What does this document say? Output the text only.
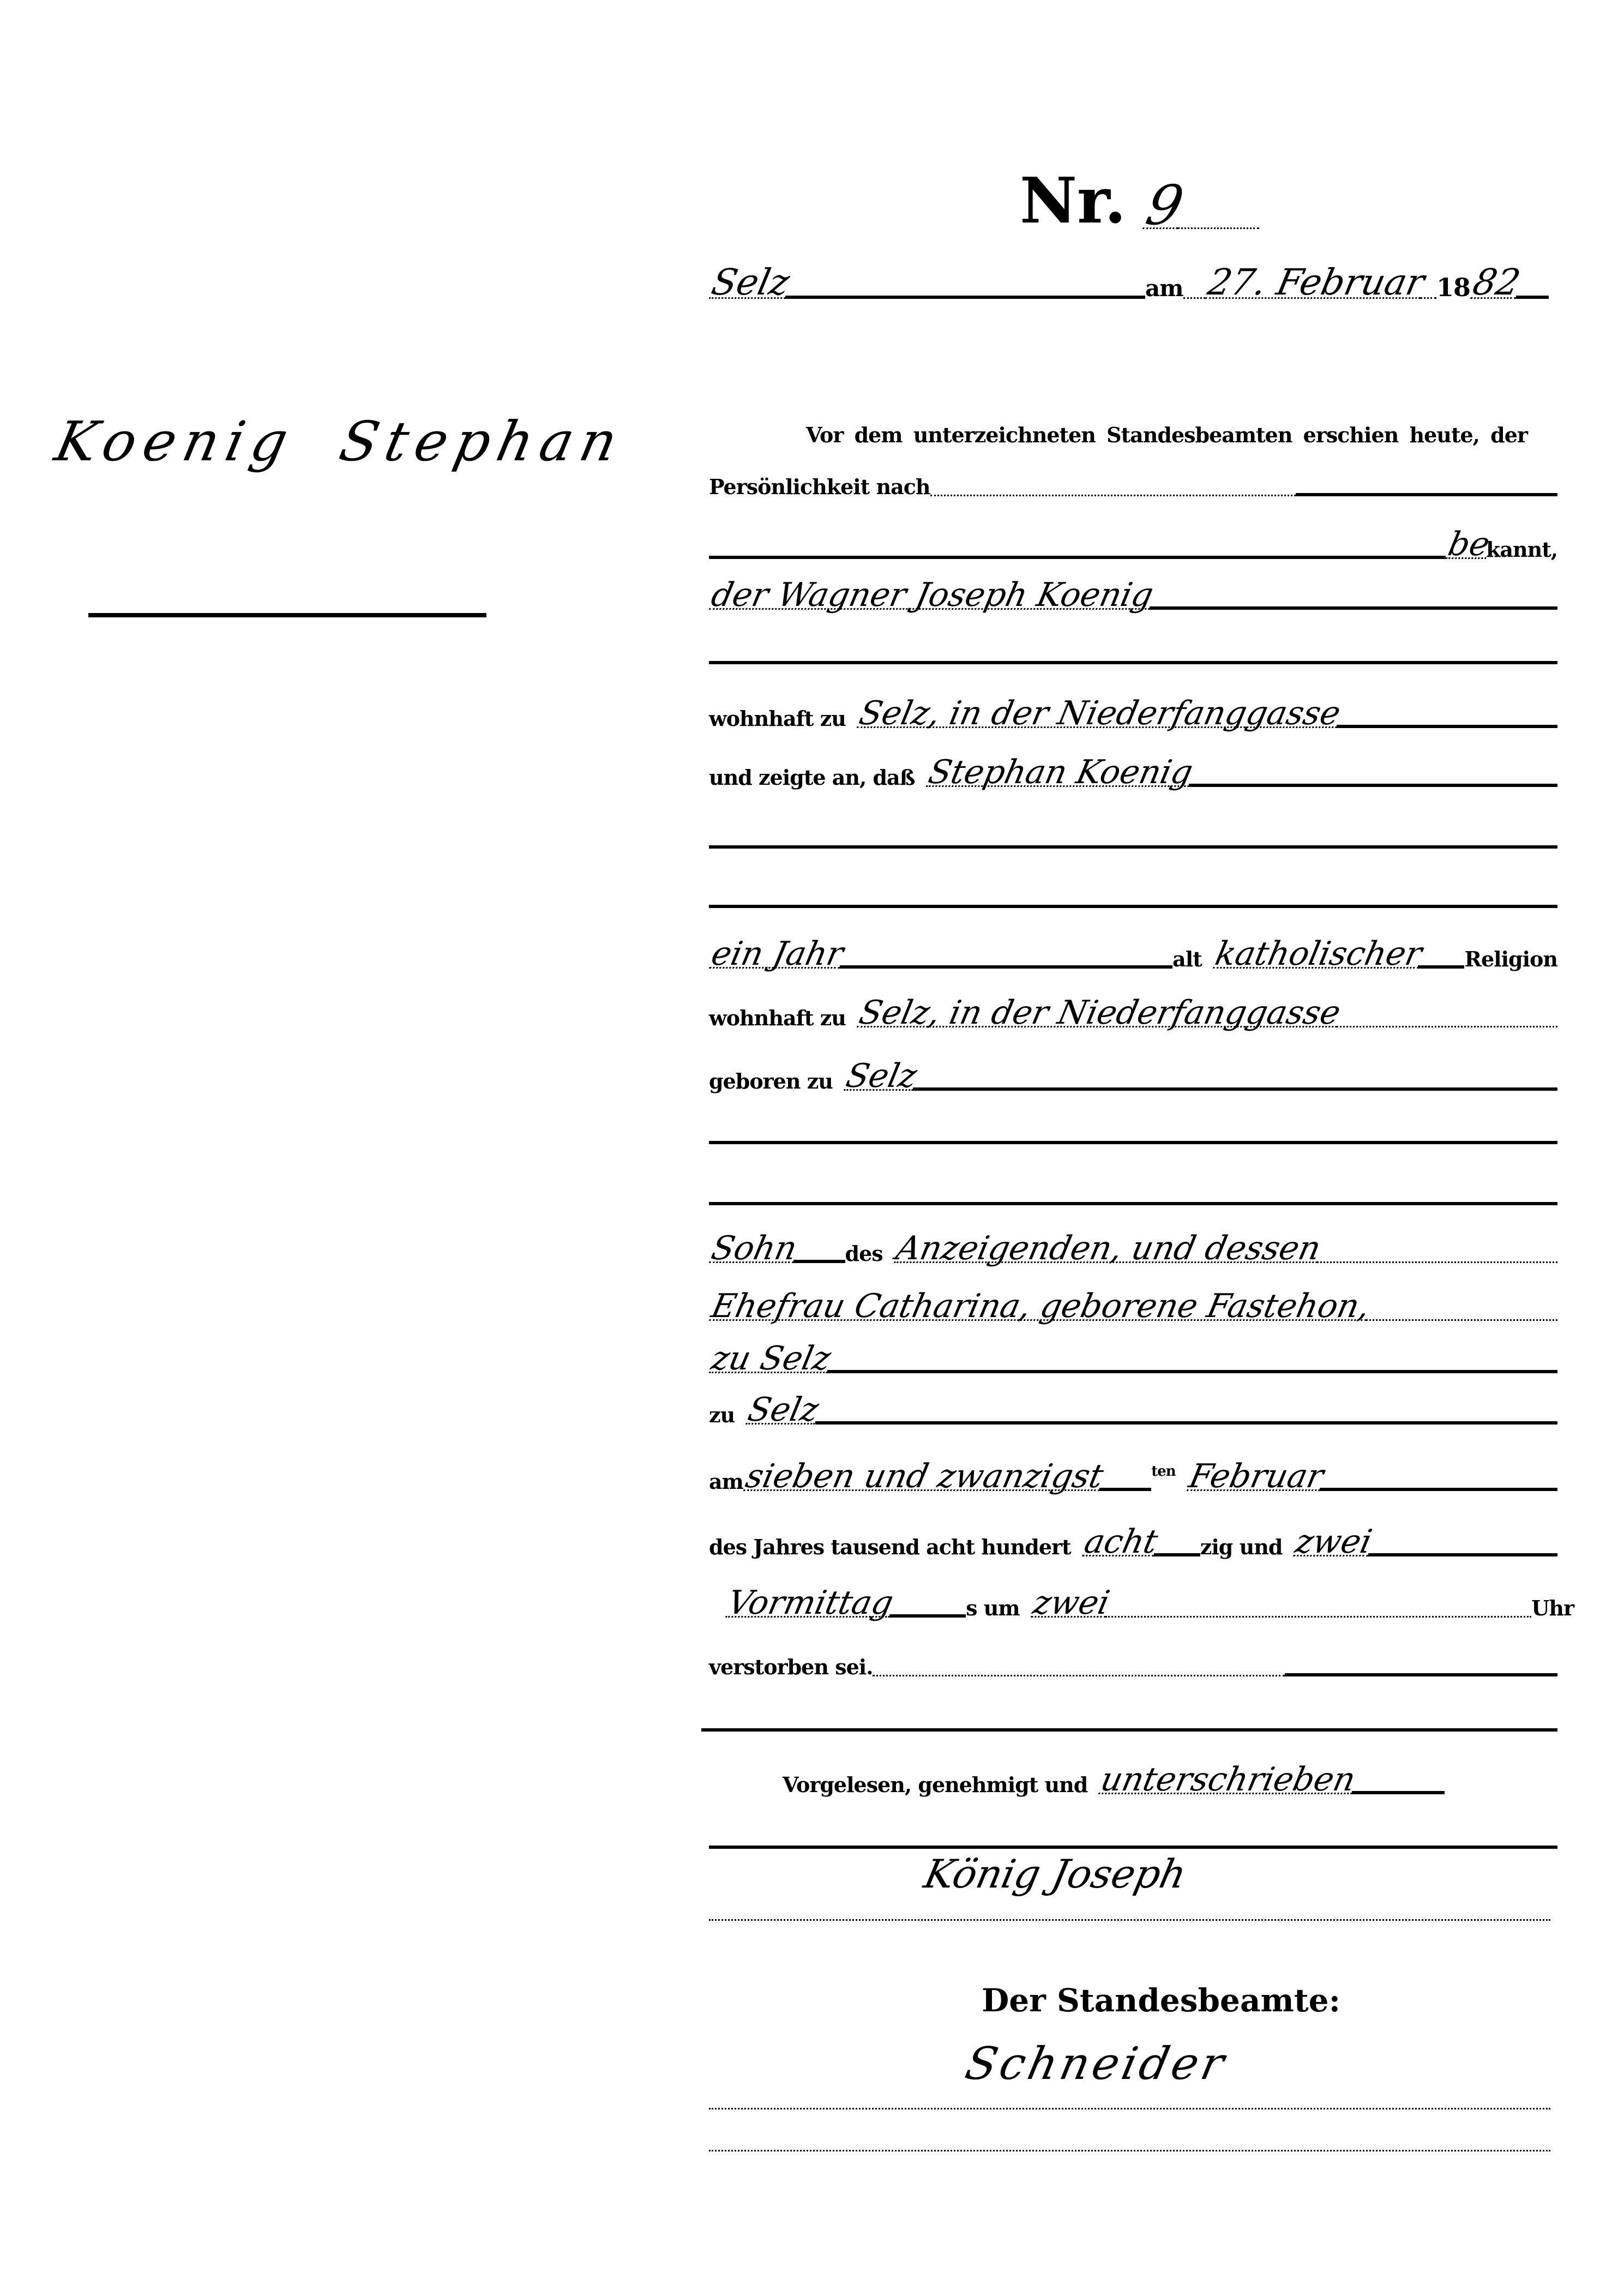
Nr. 9
Selz	am 27. Februar 18
82
Koenig Stephan	Vor dem unterzeichneten Standesbeamten erschien heute, der
Persönlichkeit nach
be
kannt,
der Wagner Joseph Koenig
wohnhaft zu Selz, in der Niederfanggasse
und zeigte an, daß Stephan Koenig
ein Jahr	alt katholischer Religion
wohnhaft zu Selz, in der Niederfanggasse
geboren zu Selz
Sohn des Anzeigenden, und dessen
Ehefrau Catharina, geborene Fastehon,
zu Selz
zu Selz
am
sieben und zwanzigst	ten Februar
des Jahres tausend acht hundert acht zig und zwei
Vormittag	s um zwei	Uhr
verstorben sei.
Vorgelesen, genehmigt und unterschrieben
König Joseph
Der Standesbeamte:
Schneider
